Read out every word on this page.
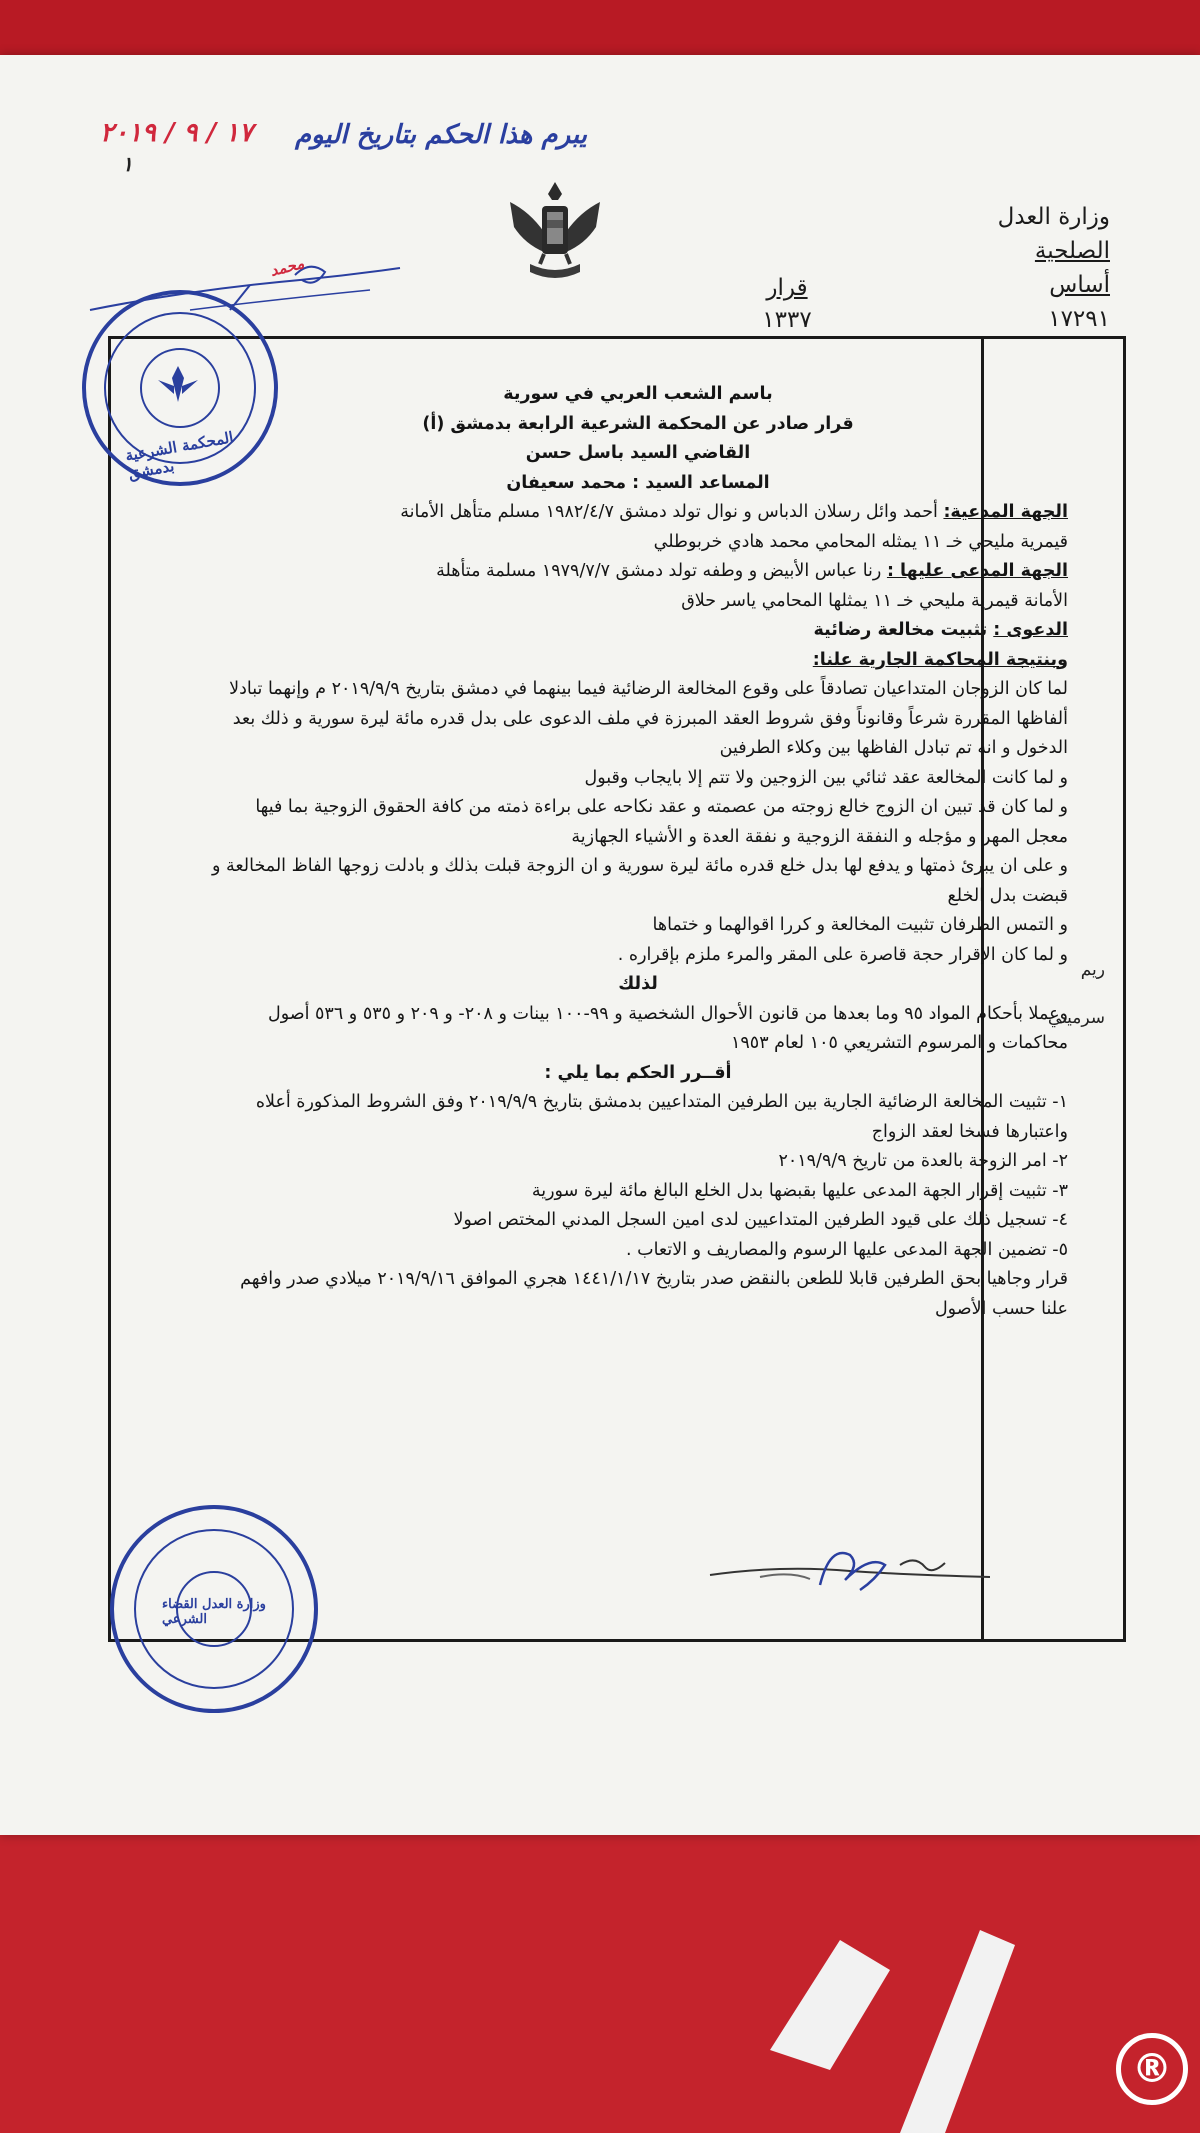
١٧ / ٩ / ٢٠١٩
١
يبرم هذا الحكم بتاريخ اليوم
وزارة العدل
الصلحية
أساس
١٧٢٩١
قرار
١٣٣٧
محمد
المحكمة الشرعية بدمشق
وزارة العدل القضاء الشرعي

باسم الشعب العربي في سورية

قرار صادر عن المحكمة الشرعية الرابعة بدمشق (أ)

القاضي السيد باسل حسن

المساعد السيد : محمد سعيفان

الجهة المدعية: أحمد وائل رسلان الدباس و نوال تولد دمشق ١٩٨٢/٤/٧ مسلم متأهل الأمانة

قيمرية مليحي خـ ١١ يمثله المحامي محمد هادي خربوطلي

الجهة المدعى عليها : رنا عباس الأبيض و وطفه تولد دمشق ١٩٧٩/٧/٧ مسلمة متأهلة

الأمانة قيمرية مليحي خـ ١١ يمثلها المحامي ياسر حلاق

الدعوى : تثبيت مخالعة رضائية

وبنتيجة المحاكمة الجارية علنا:

لما كان الزوجان المتداعيان تصادقاً على وقوع المخالعة الرضائية فيما بينهما في دمشق بتاريخ ٢٠١٩/٩/٩ م وإنهما تبادلا ألفاظها المقررة شرعاً وقانوناً وفق شروط العقد المبرزة في ملف الدعوى على بدل قدره مائة ليرة سورية و ذلك بعد الدخول و انه تم تبادل الفاظها بين وكلاء الطرفين

و لما كانت المخالعة عقد ثنائي بين الزوجين ولا تتم إلا بايجاب وقبول

و لما كان قد تبين ان الزوج خالع زوجته من عصمته و عقد نكاحه على براءة ذمته من كافة الحقوق الزوجية بما فيها معجل المهر و مؤجله و النفقة الزوجية و نفقة العدة و الأشياء الجهازية

و على ان يبرئ ذمتها و يدفع لها بدل خلع قدره مائة ليرة سورية و ان الزوجة قبلت بذلك و بادلت زوجها الفاظ المخالعة و قبضت بدل الخلع

و التمس الطرفان تثبيت المخالعة و كررا اقوالهما و ختماها

و لما كان الإقرار حجة قاصرة على المقر والمرء ملزم بإقراره .

لذلك

وعملا بأحكام المواد ٩٥ وما بعدها من قانون الأحوال الشخصية و ٩٩-١٠٠ بينات و ٢٠٨- و ٢٠٩ و ٥٣٥ و ٥٣٦ أصول محاكمات و المرسوم التشريعي ١٠٥ لعام ١٩٥٣

أقــرر الحكم بما يلي :

١- تثبيت المخالعة الرضائية الجارية بين الطرفين المتداعيين بدمشق بتاريخ ٢٠١٩/٩/٩ وفق الشروط المذكورة أعلاه واعتبارها فسخا لعقد الزواج

٢- امر الزوجة بالعدة من تاريخ ٢٠١٩/٩/٩

٣- تثبيت إقرار الجهة المدعى عليها بقبضها بدل الخلع البالغ مائة ليرة سورية

٤- تسجيل ذلك على قيود الطرفين المتداعيين لدى امين السجل المدني المختص اصولا

٥- تضمين الجهة المدعى عليها الرسوم والمصاريف و الاتعاب .

قرار وجاهيا بحق الطرفين قابلا للطعن بالنقض صدر بتاريخ ١٤٤١/١/١٧ هجري الموافق ٢٠١٩/٩/١٦ ميلادي صدر وافهم علنا حسب الأصول

ريم
سرميني
®
